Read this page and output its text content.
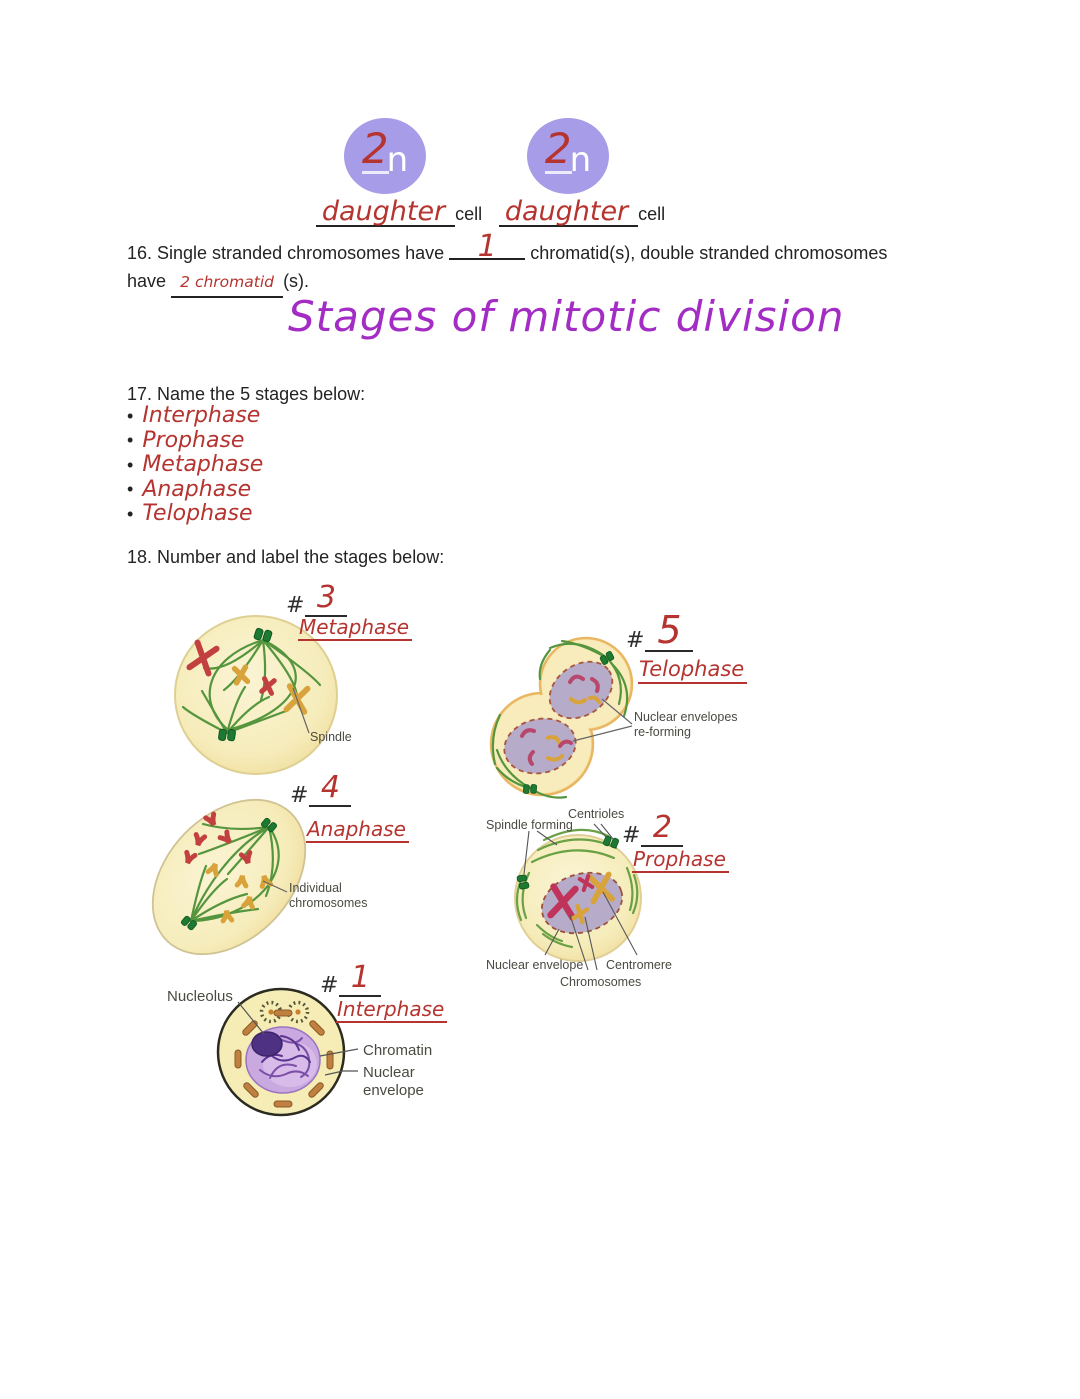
2
n
daughter cell
2
n
daughter cell
16. Single stranded chromosomes have 1 chromatid(s), double stranded chromosomes
have 2 chromatid (s).
Stages of mitotic division
17. Name the 5 stages below:
• Interphase
• Prophase
• Metaphase
• Anaphase
• Telophase
18. Number and label the stages below:
Spindle
Nuclear envelopes re-forming
Individual chromosomes
Spindle forming
Centrioles
Nuclear envelope
Chromosomes
Centromere
Nucleolus
Chromatin
Nuclear envelope
# 3
Metaphase
# 5
Telophase
# 4
Anaphase	# 2
Prophase
# 1
Interphase
